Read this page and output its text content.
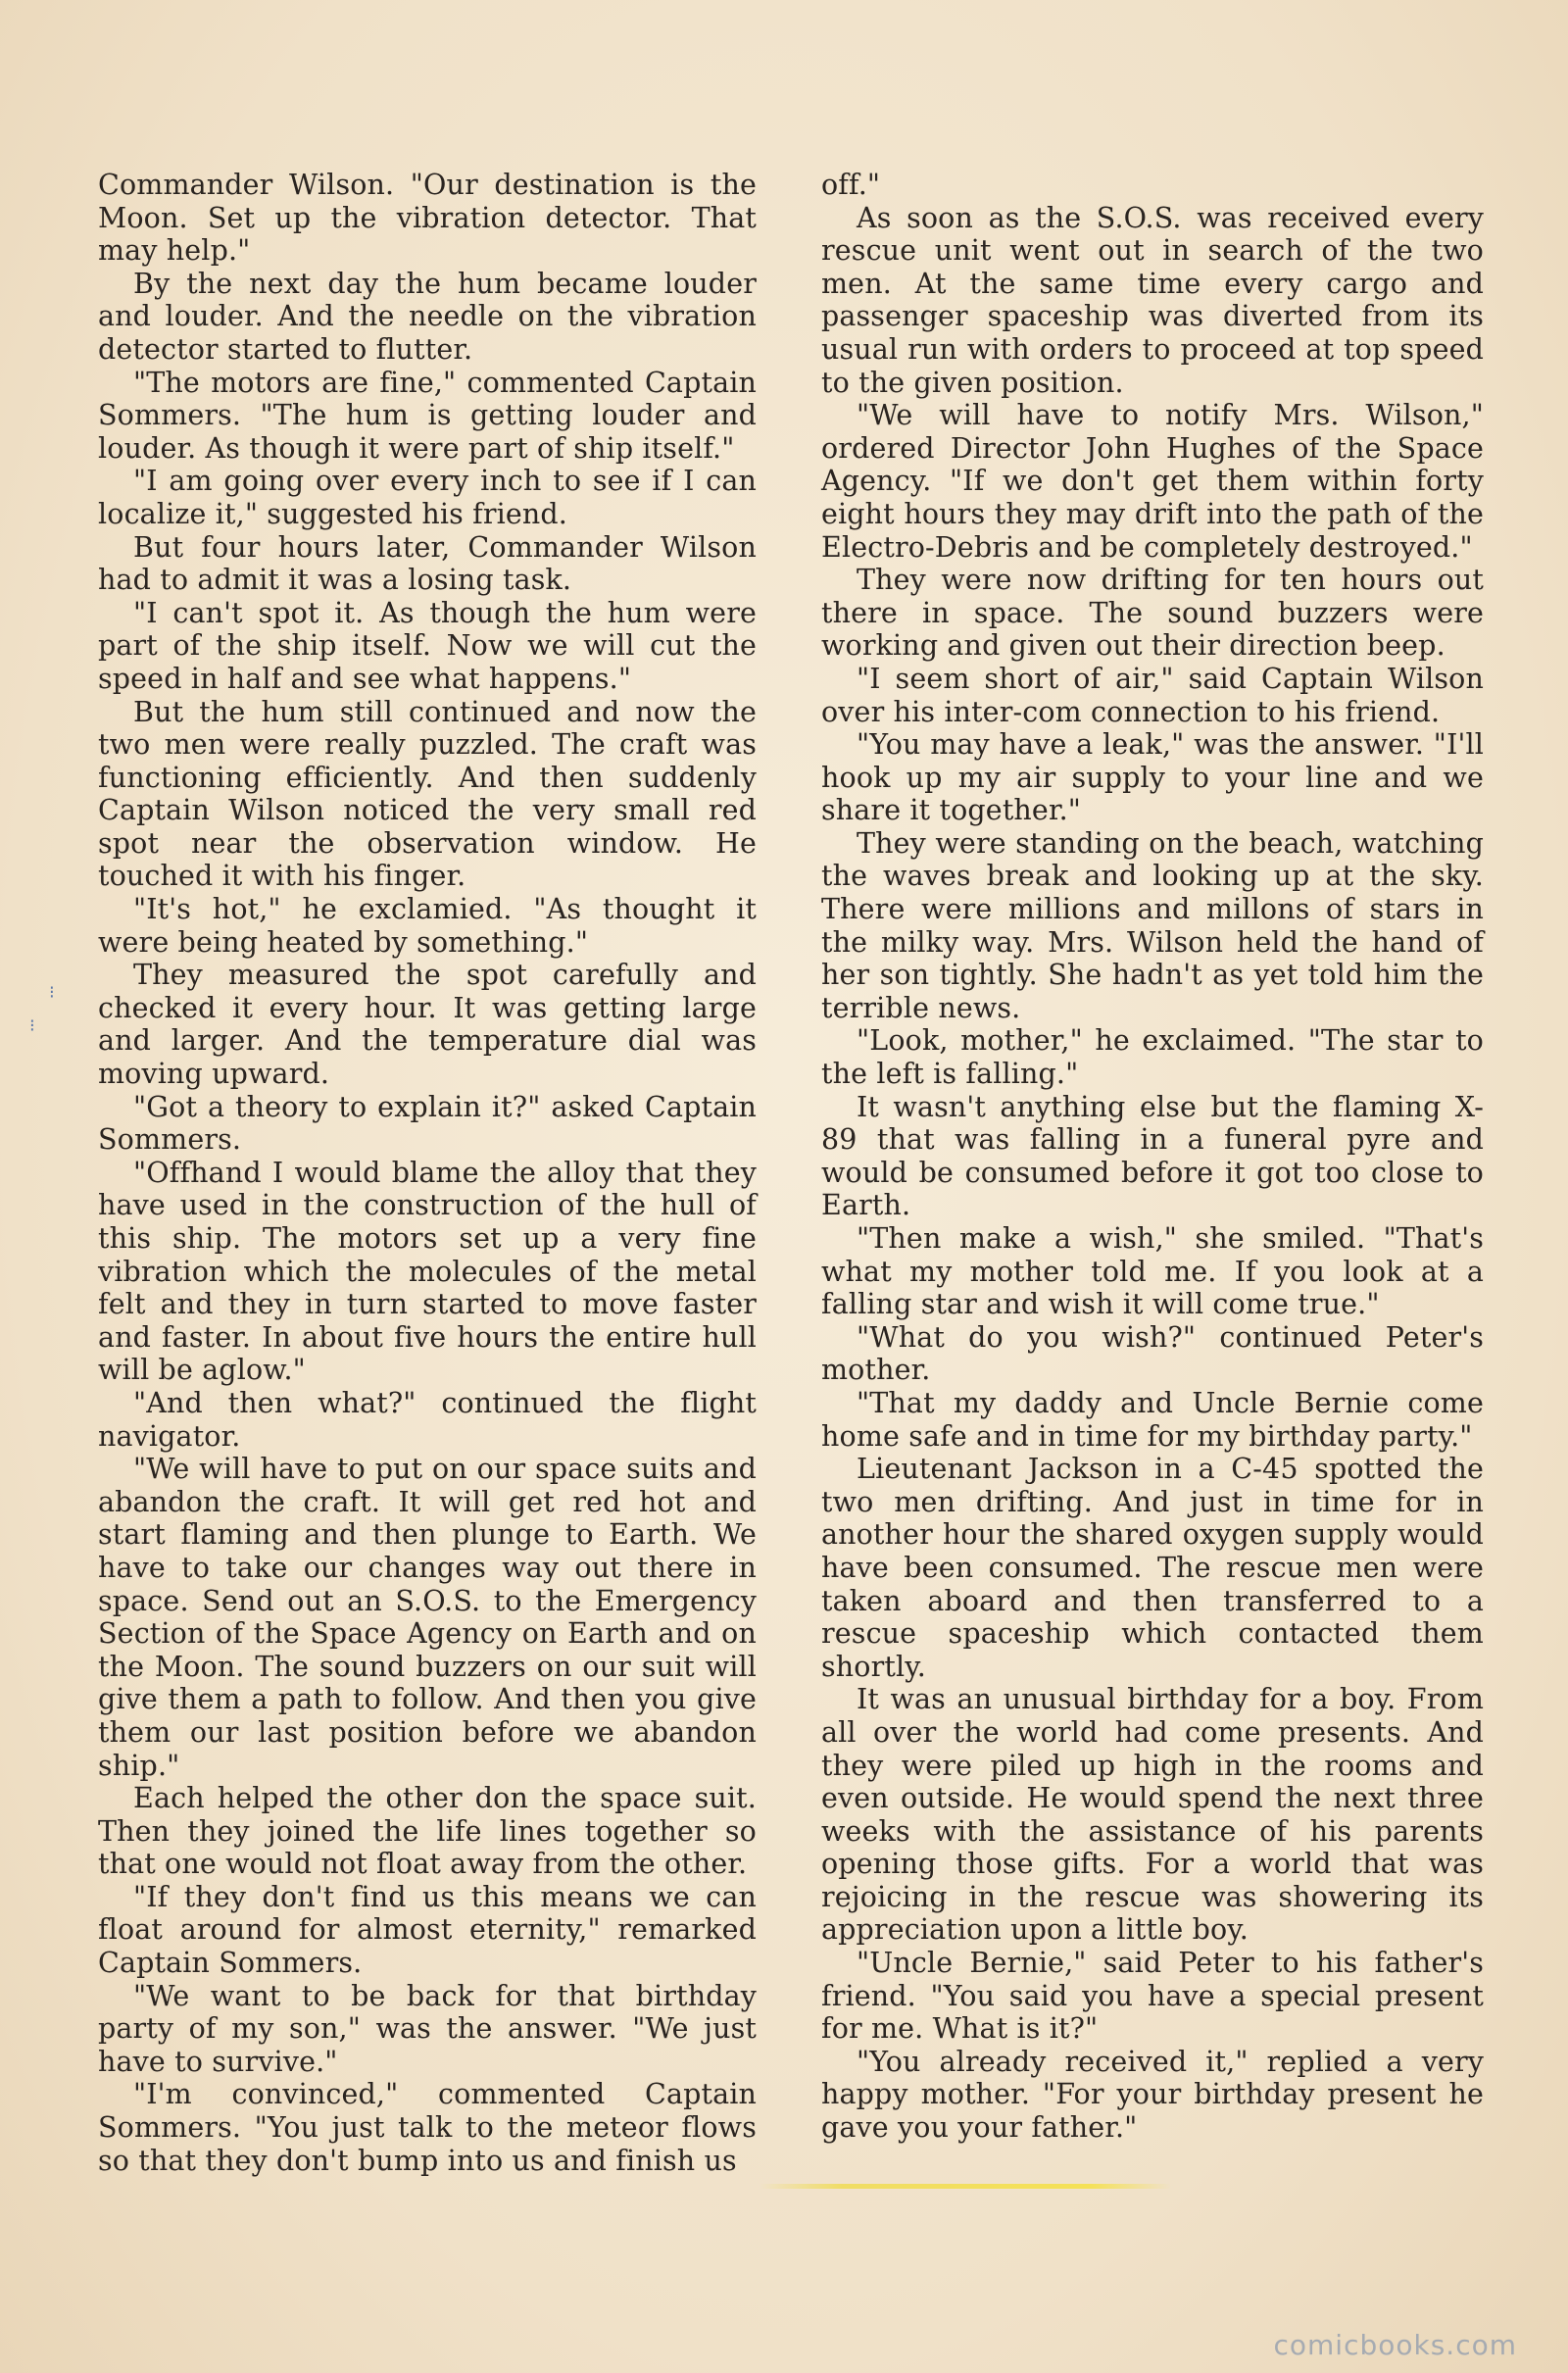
Commander Wilson. "Our destination is the Moon. Set up the vibration detector. That may help."

By the next day the hum became louder and louder. And the needle on the vibration detector started to flutter.

"The motors are fine," commented Captain Sommers. "The hum is getting louder and louder. As though it were part of ship itself."

"I am going over every inch to see if I can localize it," suggested his friend.

But four hours later, Commander Wilson had to admit it was a losing task.

"I can't spot it. As though the hum were part of the ship itself. Now we will cut the speed in half and see what happens."

But the hum still continued and now the two men were really puzzled. The craft was functioning efficiently. And then suddenly Captain Wilson noticed the very small red spot near the observation window. He touched it with his finger.

"It's hot," he exclamied. "As thought it were being heated by something."

They measured the spot carefully and checked it every hour. It was getting large and larger. And the temperature dial was moving upward.

"Got a theory to explain it?" asked Captain Sommers.

"Offhand I would blame the alloy that they have used in the construction of the hull of this ship. The motors set up a very fine vibration which the molecules of the metal felt and they in turn started to move faster and faster. In about five hours the entire hull will be aglow."

"And then what?" continued the flight navigator.

"We will have to put on our space suits and abandon the craft. It will get red hot and start flaming and then plunge to Earth. We have to take our changes way out there in space. Send out an S.O.S. to the Emergency Section of the Space Agency on Earth and on the Moon. The sound buzzers on our suit will give them a path to follow. And then you give them our last position before we abandon ship."

Each helped the other don the space suit. Then they joined the life lines together so that one would not float away from the other.

"If they don't find us this means we can float around for almost eternity," remarked Captain Sommers.

"We want to be back for that birthday party of my son," was the answer. "We just have to survive."

"I'm convinced," commented Captain Sommers. "You just talk to the meteor flows so that they don't bump into us and finish us

off."

As soon as the S.O.S. was received every rescue unit went out in search of the two men. At the same time every cargo and passenger spaceship was diverted from its usual run with orders to proceed at top speed to the given position.

"We will have to notify Mrs. Wilson," ordered Director John Hughes of the Space Agency. "If we don't get them within forty eight hours they may drift into the path of the Electro-Debris and be completely destroyed."

They were now drifting for ten hours out there in space. The sound buzzers were working and given out their direction beep.

"I seem short of air," said Captain Wilson over his inter-com connection to his friend.

"You may have a leak," was the answer. "I'll hook up my air supply to your line and we share it together."

They were standing on the beach, watching the waves break and looking up at the sky. There were millions and millons of stars in the milky way. Mrs. Wilson held the hand of her son tightly. She hadn't as yet told him the terrible news.

"Look, mother," he exclaimed. "The star to the left is falling."

It wasn't anything else but the flaming X-89 that was falling in a funeral pyre and would be consumed before it got too close to Earth.

"Then make a wish," she smiled. "That's what my mother told me. If you look at a falling star and wish it will come true."

"What do you wish?" continued Peter's mother.

"That my daddy and Uncle Bernie come home safe and in time for my birthday party."

Lieutenant Jackson in a C-45 spotted the two men drifting. And just in time for in another hour the shared oxygen supply would have been consumed. The rescue men were taken aboard and then transferred to a rescue spaceship which contacted them shortly.

It was an unusual birthday for a boy. From all over the world had come presents. And they were piled up high in the rooms and even outside. He would spend the next three weeks with the assistance of his parents opening those gifts. For a world that was rejoicing in the rescue was showering its appreciation upon a little boy.

"Uncle Bernie," said Peter to his father's friend. "You said you have a special present for me. What is it?"

"You already received it," replied a very happy mother. "For your birthday present he gave you your father."

⁝
⁝
comicbooks.com
